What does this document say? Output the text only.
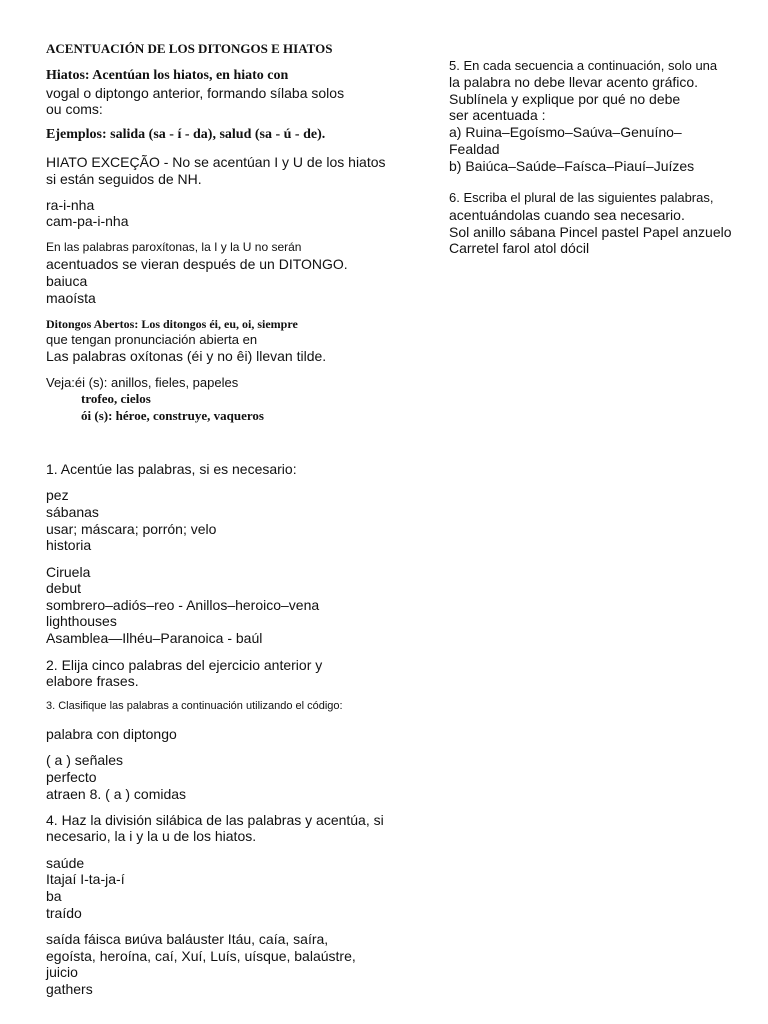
ACENTUACIÓN DE LOS DITONGOS E HIATOS
Hiatos: Acentúan los hiatos, en hiato con
vogal o diptongo anterior, formando sílaba solos
ou coms:
Ejemplos: salida (sa - í - da), salud (sa - ú - de).
HIATO EXCEÇÃO - No se acentúan I y U de los hiatos
si están seguidos de NH.
ra-i-nha
cam-pa-i-nha
En las palabras paroxítonas, la I y la U no serán
acentuados se vieran después de un DITONGO.
baiuca
maoísta
Ditongos Abertos: Los ditongos éi, eu, oi, siempre
que tengan pronunciación abierta en
Las palabras oxítonas (éi y no êi) llevan tilde.
Veja:éi (s): anillos, fieles, papeles
trofeo, cielos
ói (s): héroe, construye, vaqueros
1. Acentúe las palabras, si es necesario:
pez
sábanas
usar; máscara; porrón; velo
historia
Ciruela
debut
sombrero–adiós–reo - Anillos–heroico–vena
lighthouses
Asamblea—Ilhéu–Paranoica - baúl
2. Elija cinco palabras del ejercicio anterior y
elabore frases.
3. Clasifique las palabras a continuación utilizando el código:
palabra con diptongo
( a ) señales
perfecto
atraen 8. ( a ) comidas
4. Haz la división silábica de las palabras y acentúa, si
necesario, la i y la u de los hiatos.
saúde
Itajaí I-ta-ja-í
ba
traído
saída fáisca виúva baláuster Itáu, caía, saíra,
egoísta, heroína, caí, Xuí, Luís, uísque, balaústre,
juicio
gathers
5. En cada secuencia a continuación, solo una
la palabra no debe llevar acento gráfico.
Sublínela y explique por qué no debe
ser acentuada :
a) Ruina–Egoísmo–Saúva–Genuíno–
Fealdad
b) Baiúca–Saúde–Faísca–Piauí–Juízes
6. Escriba el plural de las siguientes palabras,
acentuándolas cuando sea necesario.
Sol anillo sábana Pincel pastel Papel anzuelo
Carretel farol atol dócil
